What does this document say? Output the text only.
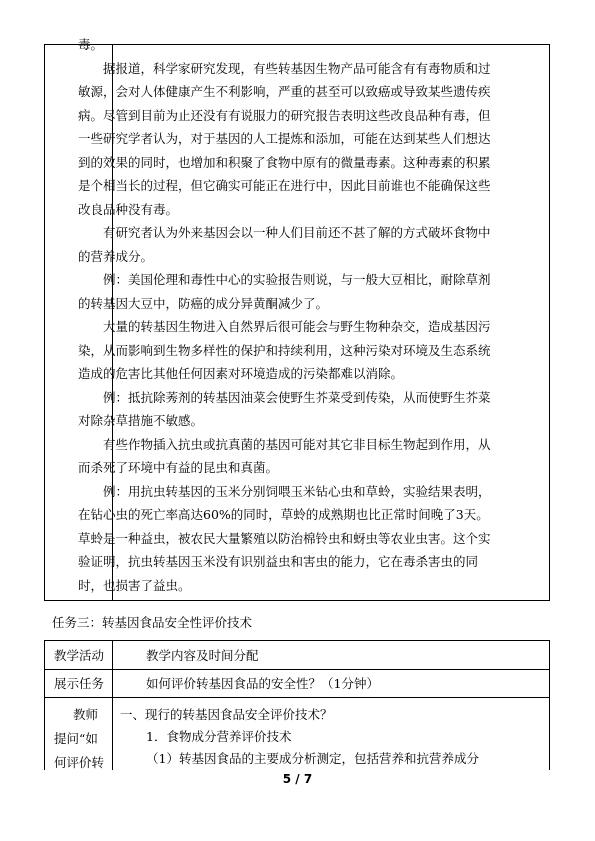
毒。

据报道，科学家研究发现，有些转基因生物产品可能含有有毒物质和过敏源，会对人体健康产生不利影响，严重的甚至可以致癌或导致某些遗传疾病。尽管到目前为止还没有有说服力的研究报告表明这些改良品种有毒，但一些研究学者认为，对于基因的人工提炼和添加，可能在达到某些人们想达到的效果的同时，也增加和积聚了食物中原有的微量毒素。这种毒素的积累是个相当长的过程，但它确实可能正在进行中，因此目前谁也不能确保这些改良品种没有毒。

有研究者认为外来基因会以一种人们目前还不甚了解的方式破坏食物中的营养成分。

例：美国伦理和毒性中心的实验报告则说，与一般大豆相比，耐除草剂的转基因大豆中，防癌的成分异黄酮减少了。

大量的转基因生物进入自然界后很可能会与野生物种杂交，造成基因污染，从而影响到生物多样性的保护和持续利用，这种污染对环境及生态系统造成的危害比其他任何因素对环境造成的污染都难以消除。

例：抵抗除莠剂的转基因油菜会使野生芥菜受到传染，从而使野生芥菜对除杂草措施不敏感。

有些作物插入抗虫或抗真菌的基因可能对其它非目标生物起到作用，从而杀死了环境中有益的昆虫和真菌。

例：用抗虫转基因的玉米分别饲喂玉米钻心虫和草蛉，实验结果表明，在钻心虫的死亡率高达60%的同时，草蛉的成熟期也比正常时间晚了3天。草蛉是一种益虫，被农民大量繁殖以防治棉铃虫和蚜虫等农业虫害。这个实验证明，抗虫转基因玉米没有识别益虫和害虫的能力，它在毒杀害虫的同时，也损害了益虫。

任务三：转基因食品安全性评价技术
教学活动	教学内容及时间分配
展示任务	如何评价转基因食品的安全性？（1分钟）
教师
提问“如
何评价转
一、现行的转基因食品安全评价技术？
1．食物成分营养评价技术
（1）转基因食品的主要成分析测定，包括营养和抗营养成分
5 / 7
